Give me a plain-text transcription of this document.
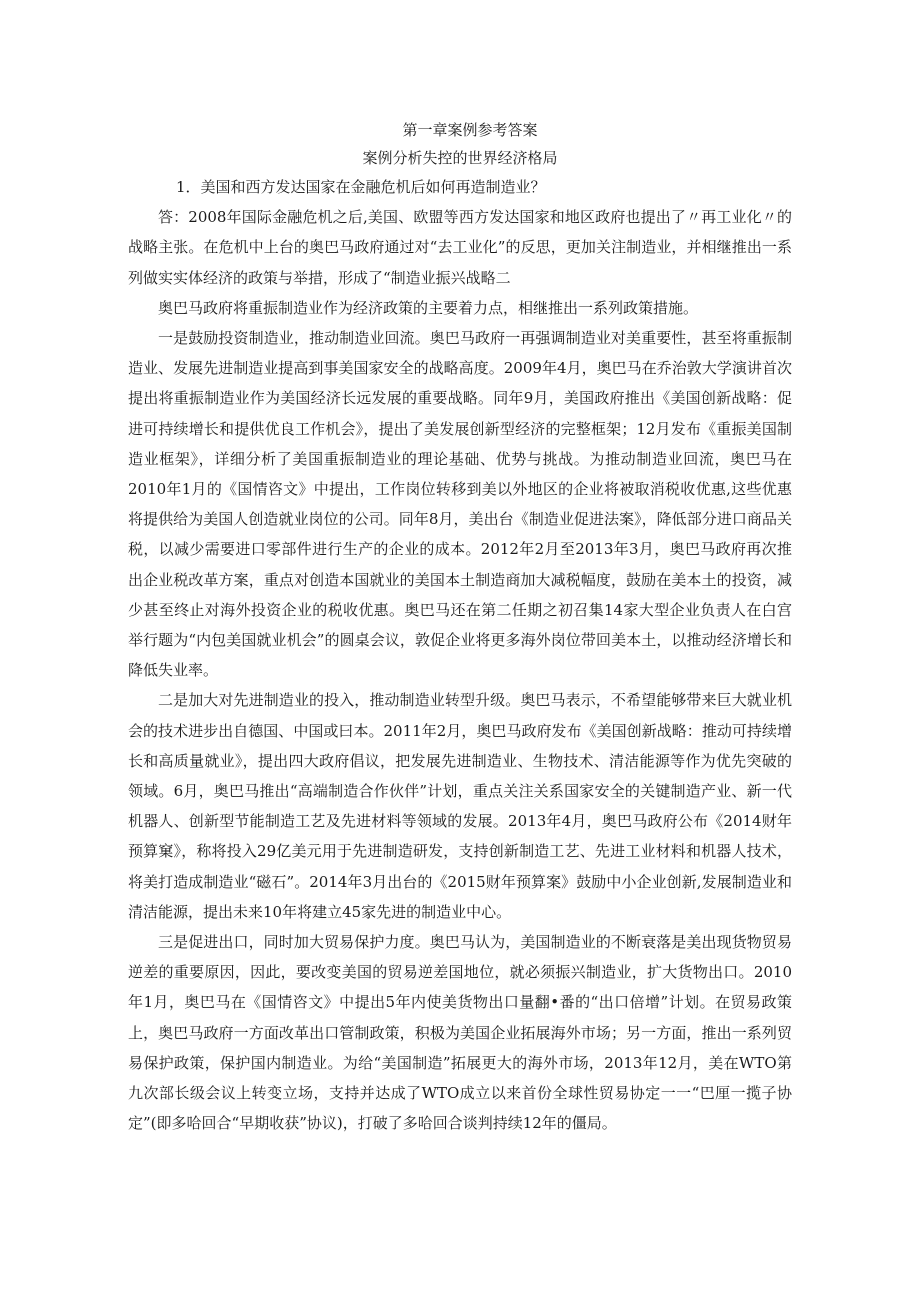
第一章案例参考答案
案例分析失控的世界经济格局

1．美国和西方发达国家在金融危机后如何再造制造业？

答：2008年国际金融危机之后,美国、欧盟等西方发达国家和地区政府也提出了〃再工业化〃的战略主张。在危机中上台的奥巴马政府通过对“去工业化”的反思，更加关注制造业，并相继推出一系列做实实体经济的政策与举措，形成了“制造业振兴战略二

奥巴马政府将重振制造业作为经济政策的主要着力点，相继推出一系列政策措施。

一是鼓励投资制造业，推动制造业回流。奥巴马政府一再强调制造业对美重要性，甚至将重振制造业、发展先进制造业提高到事美国家安全的战略高度。2009年4月，奥巴马在乔治敦大学演讲首次提出将重振制造业作为美国经济长远发展的重要战略。同年9月，美国政府推出《美国创新战略：促进可持续增长和提供优良工作机会》，提出了美发展创新型经济的完整框架；12月发布《重振美国制造业框架》，详细分析了美国重振制造业的理论基础、优势与挑战。为推动制造业回流，奥巴马在2010年1月的《国情咨文》中提出，工作岗位转移到美以外地区的企业将被取消税收优惠,这些优惠将提供给为美国人创造就业岗位的公司。同年8月，美出台《制造业促进法案》，降低部分进口商品关税，以减少需要进口零部件进行生产的企业的成本。2012年2月至2013年3月，奥巴马政府再次推出企业税改革方案，重点对创造本国就业的美国本土制造商加大减税幅度，鼓励在美本土的投资，减少甚至终止对海外投资企业的税收优惠。奥巴马还在第二任期之初召集14家大型企业负责人在白宫举行题为“内包美国就业机会”的圆桌会议，敦促企业将更多海外岗位带回美本土，以推动经济增长和降低失业率。

二是加大对先进制造业的投入，推动制造业转型升级。奥巴马表示，不希望能够带来巨大就业机会的技术进步出自德国、中国或曰本。2011年2月，奥巴马政府发布《美国创新战略：推动可持续增长和高质量就业》，提出四大政府倡议，把发展先进制造业、生物技术、清洁能源等作为优先突破的领域。6月，奥巴马推出“高端制造合作伙伴”计划，重点关注关系国家安全的关键制造产业、新一代机器人、创新型节能制造工艺及先进材料等领域的发展。2013年4月，奥巴马政府公布《2014财年预算窠》，称将投入29亿美元用于先进制造研发，支持创新制造工艺、先进工业材料和机器人技术，将美打造成制造业“磁石”。2014年3月出台的《2015财年预算案》鼓励中小企业创新,发展制造业和清洁能源，提出未来10年将建立45家先进的制造业中心。

三是促进出口，同时加大贸易保护力度。奥巴马认为，美国制造业的不断衰落是美出现货物贸易逆差的重要原因，因此，要改变美国的贸易逆差国地位，就必须振兴制造业，扩大货物出口。2010年1月，奥巴马在《国情咨文》中提出5年内使美货物出口量翻•番的“出口倍增”计划。在贸易政策上，奥巴马政府一方面改革出口管制政策，积极为美国企业拓展海外市场；另一方面，推出一系列贸易保护政策，保护国内制造业。为给“美国制造”拓展更大的海外市场，2013年12月，美在WTO第九次部长级会议上转变立场，支持并达成了WTO成立以来首份全球性贸易协定一一“巴厘一揽子协定”(即多哈回合“早期收获”协议)，打破了多哈回合谈判持续12年的僵局。
